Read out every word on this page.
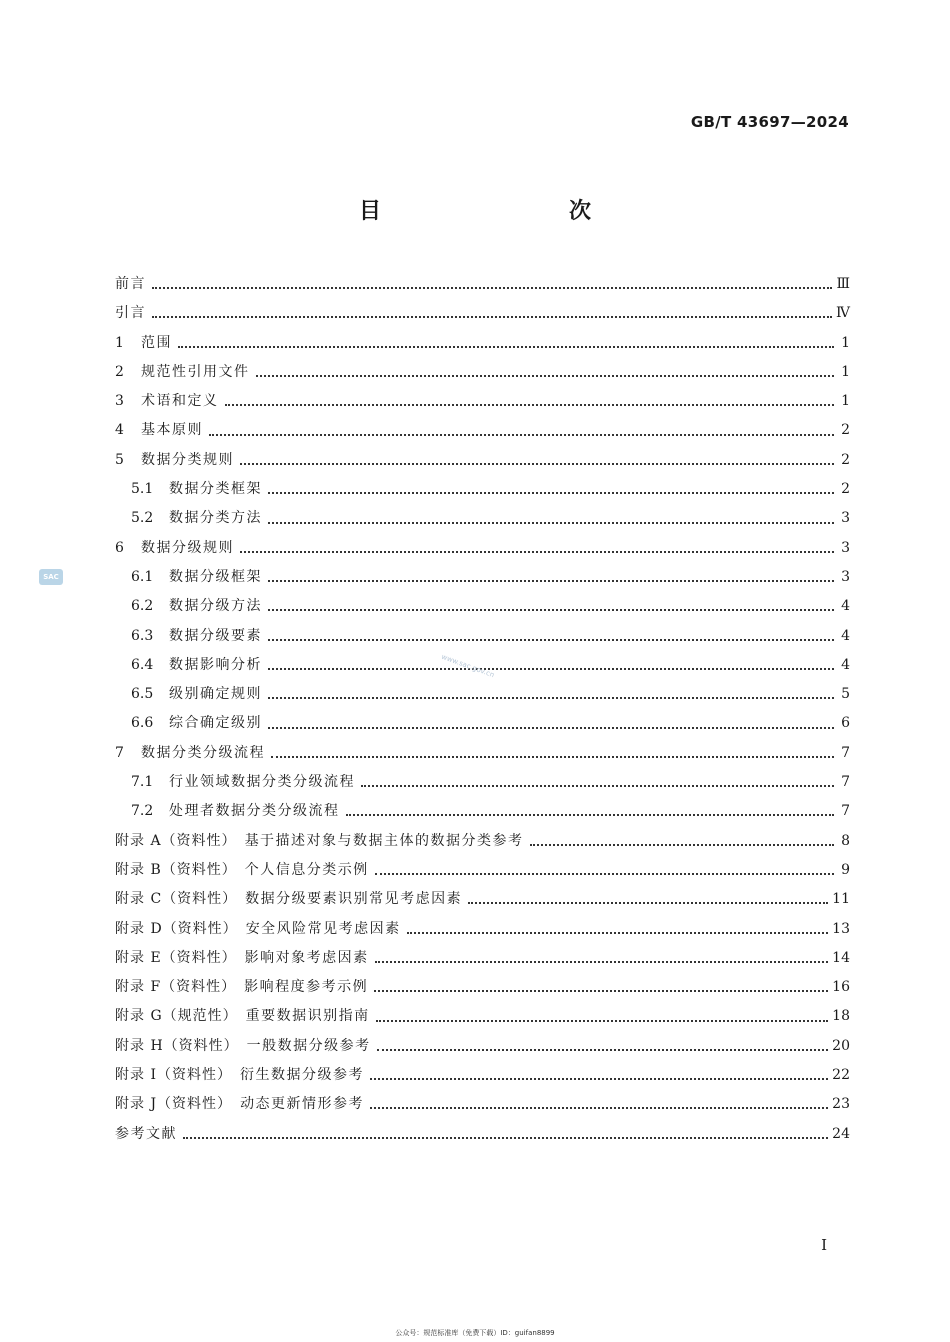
GB/T 43697—2024
目　　次
前言	Ⅲ
引言	Ⅳ
1	范围	1
2	规范性引用文件	1
3	术语和定义	1
4	基本原则	2
5	数据分类规则	2
5.1	数据分类框架	2
5.2	数据分类方法	3
6	数据分级规则	3
6.1	数据分级框架	3
6.2	数据分级方法	4
6.3	数据分级要素	4
6.4	数据影响分析	4
6.5	级别确定规则	5
6.6	综合确定级别	6
7	数据分类分级流程	7
7.1	行业领域数据分类分级流程	7
7.2	处理者数据分类分级流程	7
附录 A（资料性） 基于描述对象与数据主体的数据分类参考	8
附录 B（资料性） 个人信息分类示例	9
附录 C（资料性） 数据分级要素识别常见考虑因素	11
附录 D（资料性） 安全风险常见考虑因素	13
附录 E（资料性） 影响对象考虑因素	14
附录 F（资料性） 影响程度参考示例	16
附录 G（规范性） 重要数据识别指南	18
附录 H（资料性） 一般数据分级参考	20
附录 I（资料性） 衍生数据分级参考	22
附录 J（资料性） 动态更新情形参考	23
参考文献	24
SAC
www.sac.gov.cn
Ⅰ
公众号：规范标准库（免费下载）ID：guifan8899
